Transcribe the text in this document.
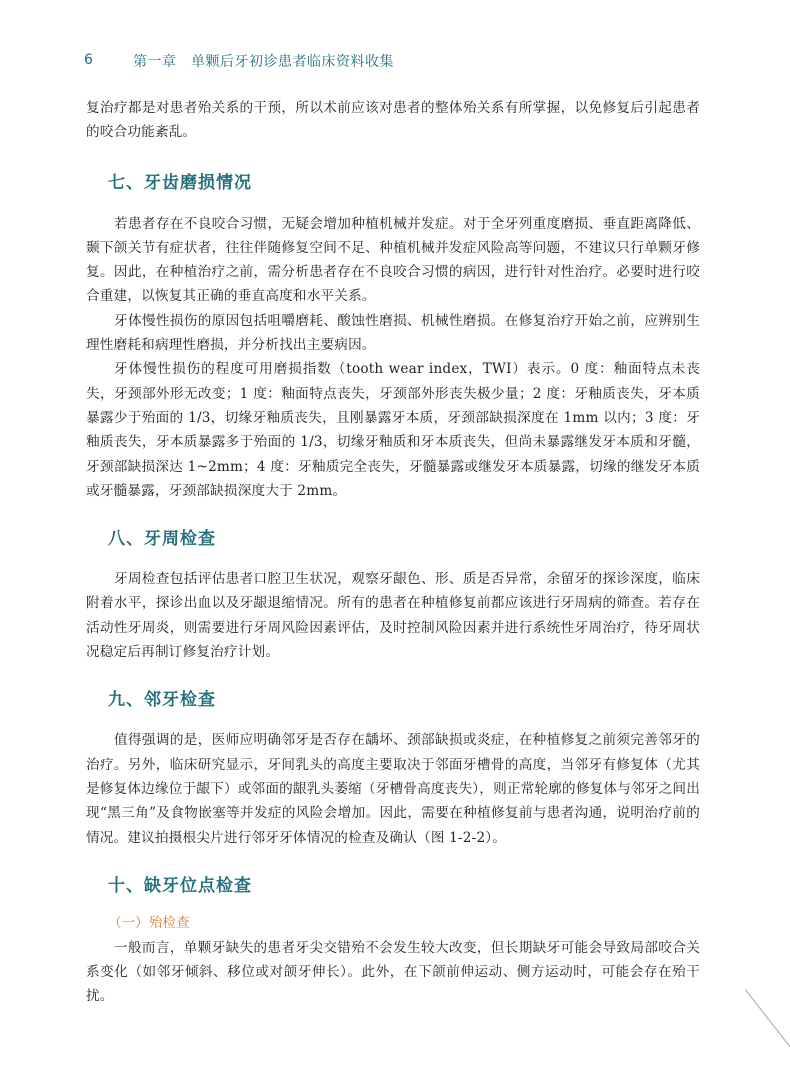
6	第一章　单颗后牙初诊患者临床资料收集

复治疗都是对患者殆关系的干预，所以术前应该对患者的整体殆关系有所掌握，以免修复后引起患者的咬合功能紊乱。

七、牙齿磨损情况

若患者存在不良咬合习惯，无疑会增加种植机械并发症。对于全牙列重度磨损、垂直距离降低、颞下颌关节有症状者，往往伴随修复空间不足、种植机械并发症风险高等问题，不建议只行单颗牙修复。因此，在种植治疗之前，需分析患者存在不良咬合习惯的病因，进行针对性治疗。必要时进行咬合重建，以恢复其正确的垂直高度和水平关系。

牙体慢性损伤的原因包括咀嚼磨耗、酸蚀性磨损、机械性磨损。在修复治疗开始之前，应辨别生理性磨耗和病理性磨损，并分析找出主要病因。

牙体慢性损伤的程度可用磨损指数（tooth wear index，TWI）表示。0 度：釉面特点未丧失，牙颈部外形无改变；1 度：釉面特点丧失，牙颈部外形丧失极少量；2 度：牙釉质丧失，牙本质暴露少于殆面的 1/3，切缘牙釉质丧失，且刚暴露牙本质，牙颈部缺损深度在 1mm 以内；3 度：牙釉质丧失，牙本质暴露多于殆面的 1/3，切缘牙釉质和牙本质丧失，但尚未暴露继发牙本质和牙髓，牙颈部缺损深达 1~2mm；4 度：牙釉质完全丧失，牙髓暴露或继发牙本质暴露，切缘的继发牙本质或牙髓暴露，牙颈部缺损深度大于 2mm。

八、牙周检查

牙周检查包括评估患者口腔卫生状况，观察牙龈色、形、质是否异常，余留牙的探诊深度，临床附着水平，探诊出血以及牙龈退缩情况。所有的患者在种植修复前都应该进行牙周病的筛查。若存在活动性牙周炎，则需要进行牙周风险因素评估，及时控制风险因素并进行系统性牙周治疗，待牙周状况稳定后再制订修复治疗计划。

九、邻牙检查

值得强调的是，医师应明确邻牙是否存在龋坏、颈部缺损或炎症，在种植修复之前须完善邻牙的治疗。另外，临床研究显示，牙间乳头的高度主要取决于邻面牙槽骨的高度，当邻牙有修复体（尤其是修复体边缘位于龈下）或邻面的龈乳头萎缩（牙槽骨高度丧失），则正常轮廓的修复体与邻牙之间出现“黑三角”及食物嵌塞等并发症的风险会增加。因此，需要在种植修复前与患者沟通，说明治疗前的情况。建议拍摄根尖片进行邻牙牙体情况的检查及确认（图 1-2-2）。

十、缺牙位点检查
（一）殆检查

一般而言，单颗牙缺失的患者牙尖交错殆不会发生较大改变，但长期缺牙可能会导致局部咬合关系变化（如邻牙倾斜、移位或对颌牙伸长）。此外，在下颌前伸运动、侧方运动时，可能会存在殆干扰。
